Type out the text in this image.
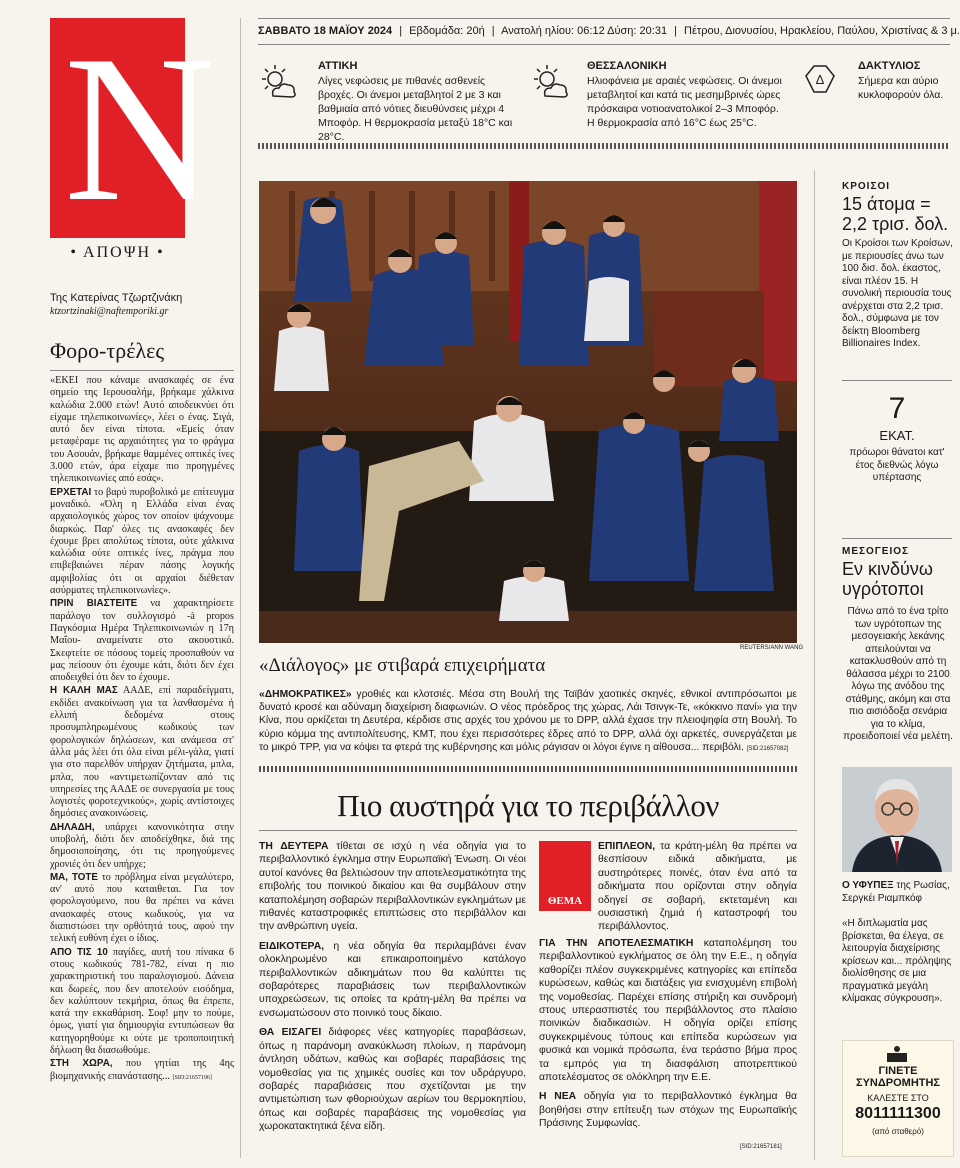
N
• ΑΠΟΨΗ •
Της Κατερίνας Τζωρτζινάκη
ktzortzinaki@naftemporiki.gr
Φορο-τρέλες

«ΕΚΕΙ που κάναμε ανασκαφές σε ένα σημείο της Ιερουσαλήμ, βρήκαμε χάλκινα καλώδια 2.000 ετών! Αυτό αποδεικνύει ότι είχαμε τηλεπικοινωνίες», λέει ο ένας. Σιγά, αυτό δεν είναι τίποτα. «Εμείς όταν μεταφέραμε τις αρχαιότητες για το φράγμα του Ασουάν, βρήκαμε θαμμένες οπτικές ίνες 3.000 ετών, άρα είχαμε πιο προηγμένες τηλεπικοινωνίες από εσάς».

ΕΡΧΕΤΑΙ το βαρύ πυροβολικό με επίτευγμα μοναδικό. «Όλη η Ελλάδα είναι ένας αρχαιολογικός χώρος τον οποίον ψάχνουμε διαρκώς. Παρ' όλες τις ανασκαφές δεν έχουμε βρει απολύτως τίποτα, ούτε χάλκινα καλώδια ούτε οπτικές ίνες, πράγμα που επιβεβαιώνει πέραν πάσης λογικής αμφιβολίας ότι οι αρχαίοι διέθεταν ασύρματες τηλεπικοινωνίες».

ΠΡΙΝ ΒΙΑΣΤΕΙΤΕ να χαρακτηρίσετε παράλογο τον συλλογισμό -à propos Παγκόσμια Ημέρα Τηλεπικοινωνιών η 17η Μαΐου- αναμείνατε στο ακουστικό. Σκεφτείτε σε πόσους τομείς προσπαθούν να μας πείσουν ότι έχουμε κάτι, διότι δεν έχει αποδειχθεί ότι δεν το έχουμε.

Η ΚΑΛΗ ΜΑΣ ΑΑΔΕ, επί παραδείγματι, εκδίδει ανακοίνωση για τα λανθασμένα ή ελλιπή δεδομένα στους προσυμπληρωμένους κωδικούς των φορολογικών δηλώσεων, και ανάμεσα στ' άλλα μάς λέει ότι όλα είναι μέλι-γάλα, γιατί για στο παρελθόν υπήρχαν ζητήματα, μπλα, μπλα, που «αντιμετωπίζονταν από τις υπηρεσίες της ΑΑΔΕ σε συνεργασία με τους λογιστές φοροτεχνικούς», χωρίς αντίστοιχες δημόσιες ανακοινώσεις.

ΔΗΛΑΔΗ, υπάρχει κανονικότητα στην υποβολή, διότι δεν αποδείχθηκε, διά της δημοσιοποίησης, ότι τις προηγούμενες χρονιές ότι δεν υπήρχε;

ΜΑ, ΤΟΤΕ το πρόβλημα είναι μεγαλύτερο, αν' αυτό που καταιθεται. Για τον φορολογούμενο, που θα πρέπει να κάνει ανασκαφές στους κωδικούς, για να διαπιστώσει την ορθότητά τους, αφού την τελική ευθύνη έχει ο ίδιος.

ΑΠΟ ΤΙΣ 10 παγίδες, αυτή του πίνακα 6 στους κωδικούς 781-782, είναι η πιο χαρακτηριστική του παραλογισμού. Δάνεια και δωρεές, που δεν αποτελούν εισόδημα, δεν καλύπτουν τεκμήρια, όπως θα έπρεπε, κατά την εκκαθάριση. Σοφ! μην το πούμε, όμως, γιατί για δημιουργία εντυπώσεων θα κατηγορηθούμε κι ούτε με τροποποιητική δήλωση θα διασωθούμε.

ΣΤΗ ΧΩΡΑ, που γητίαι της 4ης βιομηχανικής επανάστασης... [SID:21657196]

ΣΑΒΒΑΤΟ 18 ΜΑΪΟΥ 2024 | Εβδομάδα: 20ή | Ανατολή ηλίου: 06:12 Δύση: 20:31 | Πέτρου, Διονυσίου, Ηρακλείου, Παύλου, Χριστίνας & 3 μ.
ΑΤΤΙΚΗ
Λίγες νεφώσεις με πιθανές ασθενείς βροχές. Οι άνεμοι μεταβλητοί 2 με 3 και βαθμιαία από νότιες διευθύνσεις μέχρι 4 Μποφόρ. Η θερμοκρασία μεταξύ 18°C και 28°C.
ΘΕΣΣΑΛΟΝΙΚΗ
Ηλιοφάνεια με αραιές νεφώσεις. Οι άνεμοι μεταβλητοί και κατά τις μεσημβρινές ώρες πρόσκαιρα νοτιοανατολικοί 2–3 Μποφόρ. Η θερμοκρασία από 16°C έως 25°C.
Δ
ΔΑΚΤΥΛΙΟΣ
Σήμερα και αύριο κυκλοφορούν όλα.
REUTERS/ANN WANG
«Διάλογος» με στιβαρά επιχειρήματα
«ΔΗΜΟΚΡΑΤΙΚΕΣ» γροθιές και κλοτσιές. Μέσα στη Βουλή της Ταϊβάν χαοτικές σκηνές, εθνικοί αντιπρόσωποι με δυνατό κροσέ και αδύναμη διαχείριση διαφωνιών. Ο νέος πρόεδρος της χώρας, Λάι Τσινγκ-Τε, «κόκκινο πανί» για την Κίνα, που ορκίζεται τη Δευτέρα, κέρδισε στις αρχές του χρόνου με το DPP, αλλά έχασε την πλειοψηφία στη Βουλή. Το κύριο κόμμα της αντιπολίτευσης, KMT, που έχει περισσότερες έδρες από το DPP, αλλά όχι αρκετές, συνεργάζεται με το μικρό TPP, για να κόψει τα φτερά της κυβέρνησης και μόλις ράγισαν οι λόγοι έγινε η αίθουσα... περιβόλι. [SID:21657082]
ΚΡΟΙΣΟΙ
15 άτομα = 2,2 τρισ. δολ.
Οι Κροίσοι των Κροίσων, με περιουσίες άνω των 100 δισ. δολ. έκαστος, είναι πλέον 15. Η συνολική περιουσία τους ανέρχεται στα 2,2 τρισ. δολ., σύμφωνα με τον δείκτη Bloomberg Billionaires Index.
7
ΕΚΑΤ.
πρόωροι θάνατοι κατ' έτος διεθνώς λόγω υπέρτασης
ΜΕΣΟΓΕΙΟΣ
Εν κινδύνω υγρότοποι
Πάνω από το ένα τρίτο των υγρότοπων της μεσογειακής λεκάνης απειλούνται να κατακλυσθούν από τη θάλασσα μέχρι το 2100 λόγω της ανόδου της στάθμης, ακόμη και στα πιο αισιόδοξα σενάρια για το κλίμα, προειδοποιεί νέα μελέτη.
Ο ΥΦΥΠΕΞ της Ρωσίας, Σεργκέι Ριαμπκόφ
«Η διπλωματία μας βρίσκεται, θα έλεγα, σε λειτουργία διαχείρισης κρίσεων και... πρόληψης διολίσθησης σε μια πραγματικά μεγάλη κλίμακας σύγκρουση».
ΓΙΝΕΤΕ ΣΥΝΔΡΟΜΗΤΗΣ
ΚΑΛΕΣΤΕ ΣΤΟ
8011111300
(από σταθερό)
Πιο αυστηρά για το περιβάλλον

ΤΗ ΔΕΥΤΕΡΑ τίθεται σε ισχύ η νέα οδηγία για το περιβαλλοντικό έγκλημα στην Ευρωπαϊκή Ένωση. Οι νέοι αυτοί κανόνες θα βελτιώσουν την αποτελεσματικότητα της επιβολής του ποινικού δικαίου και θα συμβάλουν στην καταπολέμηση σοβαρών περιβαλλοντικών εγκλημάτων με πιθανές καταστροφικές επιπτώσεις στο περιβάλλον και την ανθρώπινη υγεία.

ΕΙΔΙΚΟΤΕΡΑ, η νέα οδηγία θα περιλαμβάνει έναν ολοκληρωμένο και επικαιροποιημένο κατάλογο περιβαλλοντικών αδικημάτων που θα καλύπτει τις σοβαρότερες παραβιάσεις των περιβαλλοντικών υποχρεώσεων, τις οποίες τα κράτη-μέλη θα πρέπει να ενσωματώσουν στο ποινικό τους δίκαιο.

ΘΑ ΕΙΣΑΓΕΙ διάφορες νέες κατηγορίες παραβάσεων, όπως η παράνομη ανακύκλωση πλοίων, η παράνομη άντληση υδάτων, καθώς και σοβαρές παραβάσεις της νομοθεσίας για τις χημικές ουσίες και τον υδράργυρο, σοβαρές παραβιάσεις που σχετίζονται με την αντιμετώπιση των φθοριούχων αερίων του θερμοκηπίου, όπως και σοβαρές παραβάσεις της νομοθεσίας για χωροκατακτητικά ξένα είδη.

ΘΕΜΑ

ΕΠΙΠΛΕΟΝ, τα κράτη-μέλη θα πρέπει να θεσπίσουν ειδικά αδικήματα, με αυστηρότερες ποινές, όταν ένα από τα αδικήματα που ορίζονται στην οδηγία οδηγεί σε σοβαρή, εκτεταμένη και ουσιαστική ζημιά ή καταστροφή του περιβάλλοντος.

ΓΙΑ ΤΗΝ ΑΠΟΤΕΛΕΣΜΑΤΙΚΗ καταπολέμηση του περιβαλλοντικού εγκλήματος σε όλη την Ε.Ε., η οδηγία καθορίζει πλέον συγκεκριμένες κατηγορίες και επίπεδα κυρώσεων, καθώς και διατάξεις για ενισχυμένη επιβολή της νομοθεσίας. Παρέχει επίσης στήριξη και συνδρομή στους υπερασπιστές του περιβάλλοντος στο πλαίσιο ποινικών διαδικασιών. Η οδηγία ορίζει επίσης συγκεκριμένους τύπους και επίπεδα κυρώσεων για φυσικά και νομικά πρόσωπα, ένα τεράστιο βήμα προς τα εμπρός για τη διασφάλιση αποτρεπτικού αποτελέσματος σε ολόκληρη την Ε.Ε.

Η ΝΕΑ οδηγία για το περιβαλλοντικό έγκλημα θα βοηθήσει στην επίτευξη των στόχων της Ευρωπαϊκής Πράσινης Συμφωνίας.

[SID:21657181]
